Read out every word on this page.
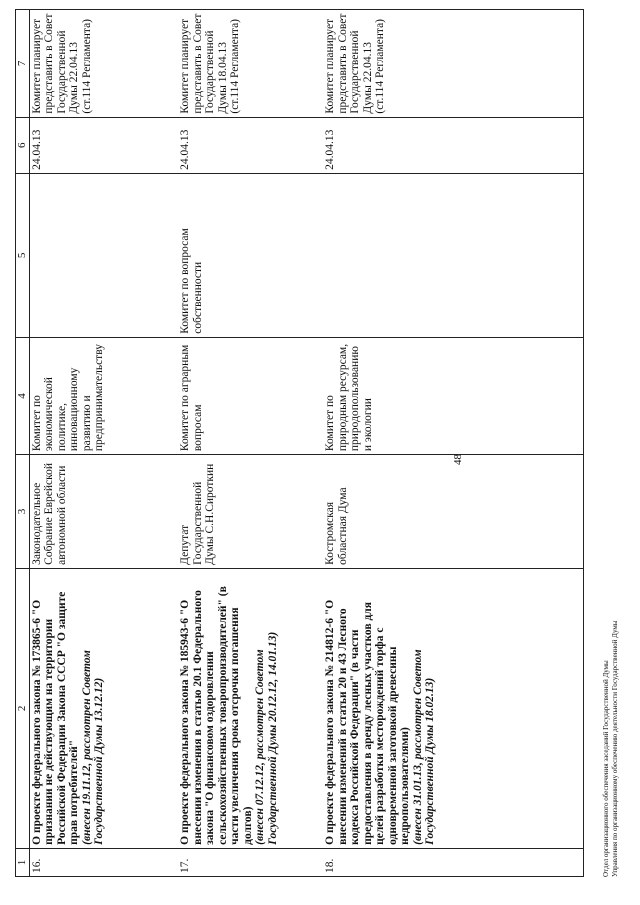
48
1	2	3	4	5	6	7
16.	О проекте федерального закона № 173865-6 "О признании не действующим на территории Российской Федерации Закона СССР "О защите прав потребителей" (внесен 19.11.12, рассмотрен Советом Государственной Думы 13.12.12)	Законодательное Собрание Еврейской автономной области	Комитет по экономической политике, инновационному развитию и предпринимательству		24.04.13	Комитет планирует представить в Совет Государственной Думы 22.04.13 (ст.114 Регламента)
17.	О проекте федерального закона № 185943-6 "О внесении изменения в статью 20.1 Федерального закона "О финансовом оздоровлении сельскохозяйственных товаропроизводителей" (в части увеличения срока отсрочки погашения долгов) (внесен 07.12.12, рассмотрен Советом Государственной Думы 20.12.12, 14.01.13)	Депутат Государственной Думы С.Н.Сироткин	Комитет по аграрным вопросам	Комитет по вопросам собственности	24.04.13	Комитет планирует представить в Совет Государственной Думы 18.04.13 (ст.114 Регламента)
18.	О проекте федерального закона № 214812-6 "О внесении изменений в статьи 20 и 43 Лесного кодекса Российской Федерации" (в части предоставления в аренду лесных участков для целей разработки месторождений торфа с одновременной заготовкой древесины недропользователями) (внесен 31.01.13, рассмотрен Советом Государственной Думы 18.02.13)	Костромская областная Дума	Комитет по природным ресурсам, природопользованию и экологии		24.04.13	Комитет планирует представить в Совет Государственной Думы 22.04.13 (ст.114 Регламента)
Отдел организационного обеспечения заседаний Государственной Думы Управления по организационному обеспечению деятельности Государственной Думы
